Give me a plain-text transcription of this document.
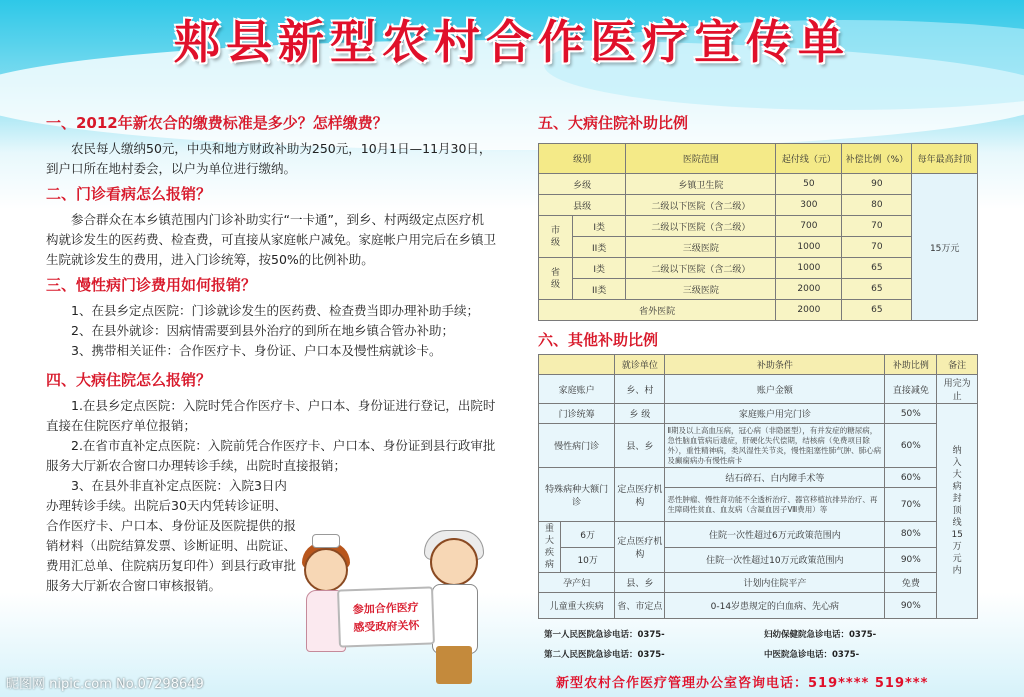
郏县新型农村合作医疗宣传单
一、2012年新农合的缴费标准是多少？怎样缴费？
农民每人缴纳50元，中央和地方财政补助为250元，10月1日—11月30日，到户口所在地村委会，以户为单位进行缴纳。
二、门诊看病怎么报销？
参合群众在本乡镇范围内门诊补助实行“一卡通”，到乡、村两级定点医疗机构就诊发生的医药费、检查费，可直接从家庭帐户减免。家庭帐户用完后在乡镇卫生院就诊发生的费用，进入门诊统筹，按50%的比例补助。
三、慢性病门诊费用如何报销？
1、在县乡定点医院：门诊就诊发生的医药费、检查费当即办理补助手续；
2、在县外就诊：因病情需要到县外治疗的到所在地乡镇合管办补助；
3、携带相关证件：合作医疗卡、身份证、户口本及慢性病就诊卡。
四、大病住院怎么报销？
1.在县乡定点医院：入院时凭合作医疗卡、户口本、身份证进行登记，出院时直接在住院医疗单位报销；
2.在省市直补定点医院：入院前凭合作医疗卡、户口本、身份证到县行政审批服务大厅新农合窗口办理转诊手续，出院时直接报销；
3、在县外非直补定点医院：入院3日内办理转诊手续。出院后30天内凭转诊证明、合作医疗卡、户口本、身份证及医院提供的报销材料（出院结算发票、诊断证明、出院证、费用汇总单、住院病历复印件）到县行政审批服务大厅新农合窗口审核报销。
参加合作医疗
感受政府关怀
昵图网 nipic.com No.07298649
五、大病住院补助比例
级别		医院范围	起付线（元）	补偿比例（%）	每年最高封顶
乡级		乡镇卫生院	50	90	15万元
县级		二级以下医院（含二级）	300	80	

市级	I类	二级以下医院（含二级）	700	70	
	II类	三级医院	1000	70	

省级	I类	二级以下医院（含二级）	1000	65	
	II类	三级医院	2000	65	
省外医院			2000	65	
六、其他补助比例
		就诊单位	补助条件	补助比例	备注
家庭账户		乡、村	账户金额	直接减免	用完为止
门诊统筹		乡 级	家庭账户用完门诊	50%	纳入大病封顶线15万元内

慢性病门诊		县、乡	Ⅱ期及以上高血压病，冠心病（非隐匿型），有并发症的糖尿病，急性脑血管病后遗症，肝硬化失代偿期，结核病（免费项目除外），重性精神病，类风湿性关节炎，慢性阻塞性肺气肿、肺心病及癫痫病办有慢性病卡	60%	
特殊病种大额门诊		定点医疗机构	结石碎石、白内障手术等	60%	
			恶性肿瘤、慢性肾功能不全透析治疗、器官移植抗排异治疗、再生障碍性贫血、血友病（含凝血因子Ⅷ费用）等	70%	

重大疾病	6万	定点医疗机构	住院一次性超过6万元政策范围内	80%	
	10万		住院一次性超过10万元政策范围内	90%	
孕产妇		县、乡	计划内住院平产	免费	
儿童重大疾病		省、市定点	0-14岁患规定的白血病、先心病	90%	
第一人民医院急诊电话：0375-	妇幼保健院急诊电话：0375-
第二人民医院急诊电话：0375-	中医院急诊电话：0375-
新型农村合作医疗管理办公室咨询电话：519**** 519***
